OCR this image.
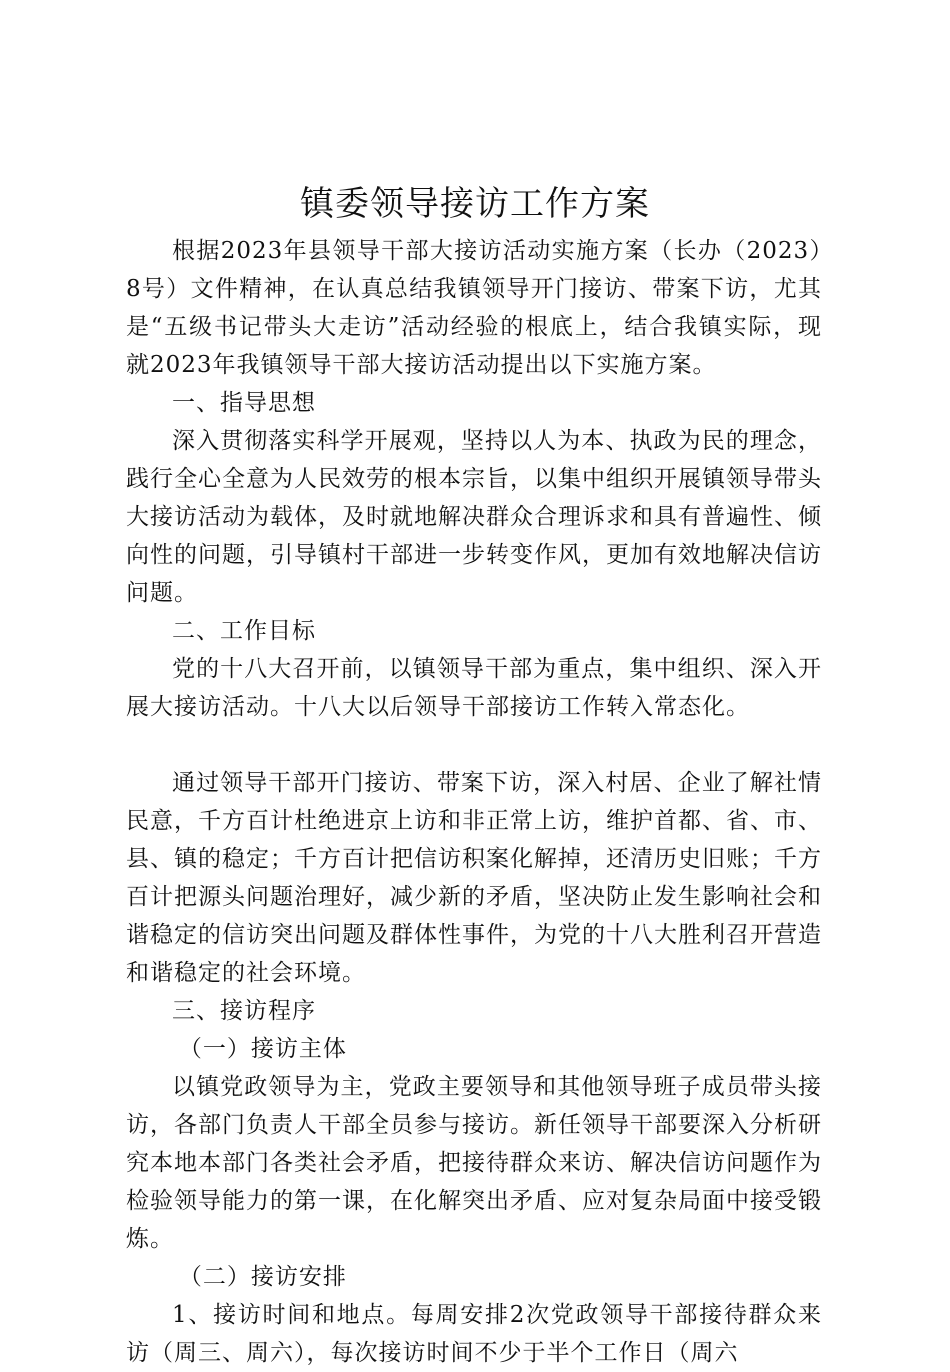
镇委领导接访工作方案

根据2023年县领导干部大接访活动实施方案（长办（2023）8号）文件精神，在认真总结我镇领导开门接访、带案下访，尤其是“五级书记带头大走访”活动经验的根底上，结合我镇实际，现就2023年我镇领导干部大接访活动提出以下实施方案。

一、指导思想

深入贯彻落实科学开展观，坚持以人为本、执政为民的理念，践行全心全意为人民效劳的根本宗旨，以集中组织开展镇领导带头大接访活动为载体，及时就地解决群众合理诉求和具有普遍性、倾向性的问题，引导镇村干部进一步转变作风，更加有效地解决信访问题。

二、工作目标

党的十八大召开前，以镇领导干部为重点，集中组织、深入开展大接访活动。十八大以后领导干部接访工作转入常态化。

通过领导干部开门接访、带案下访，深入村居、企业了解社情民意，千方百计杜绝进京上访和非正常上访，维护首都、省、市、县、镇的稳定；千方百计把信访积案化解掉，还清历史旧账；千方百计把源头问题治理好，减少新的矛盾，坚决防止发生影响社会和谐稳定的信访突出问题及群体性事件，为党的十八大胜利召开营造和谐稳定的社会环境。

三、接访程序

（一）接访主体

以镇党政领导为主，党政主要领导和其他领导班子成员带头接访，各部门负责人干部全员参与接访。新任领导干部要深入分析研究本地本部门各类社会矛盾，把接待群众来访、解决信访问题作为检验领导能力的第一课，在化解突出矛盾、应对复杂局面中接受锻炼。

（二）接访安排

1、接访时间和地点。每周安排2次党政领导干部接待群众来访（周三、周六），每次接访时间不少于半个工作日（周六
